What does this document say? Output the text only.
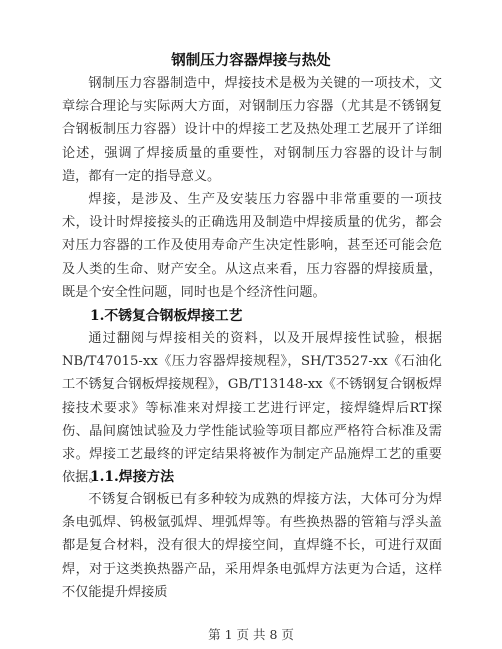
钢制压力容器焊接与热处

钢制压力容器制造中，焊接技术是极为关键的一项技术，文章综合理论与实际两大方面，对钢制压力容器（尤其是不锈钢复合钢板制压力容器）设计中的焊接工艺及热处理工艺展开了详细论述，强调了焊接质量的重要性，对钢制压力容器的设计与制造，都有一定的指导意义。

焊接，是涉及、生产及安装压力容器中非常重要的一项技术，设计时焊接接头的正确选用及制造中焊接质量的优劣，都会对压力容器的工作及使用寿命产生决定性影响，甚至还可能会危及人类的生命、财产安全。从这点来看，压力容器的焊接质量，既是个安全性问题，同时也是个经济性问题。

1.不锈复合钢板焊接工艺

通过翻阅与焊接相关的资料，以及开展焊接性试验，根据NB/T47015-xx《压力容器焊接规程》，SH/T3527-xx《石油化工不锈复合钢板焊接规程》，GB/T13148-xx《不锈钢复合钢板焊接技术要求》等标准来对焊接工艺进行评定，接焊缝焊后RT探伤、晶间腐蚀试验及力学性能试验等项目都应严格符合标准及需求。焊接工艺最终的评定结果将被作为制定产品施焊工艺的重要依据。

1.1.焊接方法

不锈复合钢板已有多种较为成熟的焊接方法，大体可分为焊条电弧焊、钨极氩弧焊、埋弧焊等。有些换热器的管箱与浮头盖都是复合材料，没有很大的焊接空间，直焊缝不长，可进行双面焊，对于这类换热器产品，采用焊条电弧焊方法更为合适，这样不仅能提升焊接质

第 1 页 共 8 页
